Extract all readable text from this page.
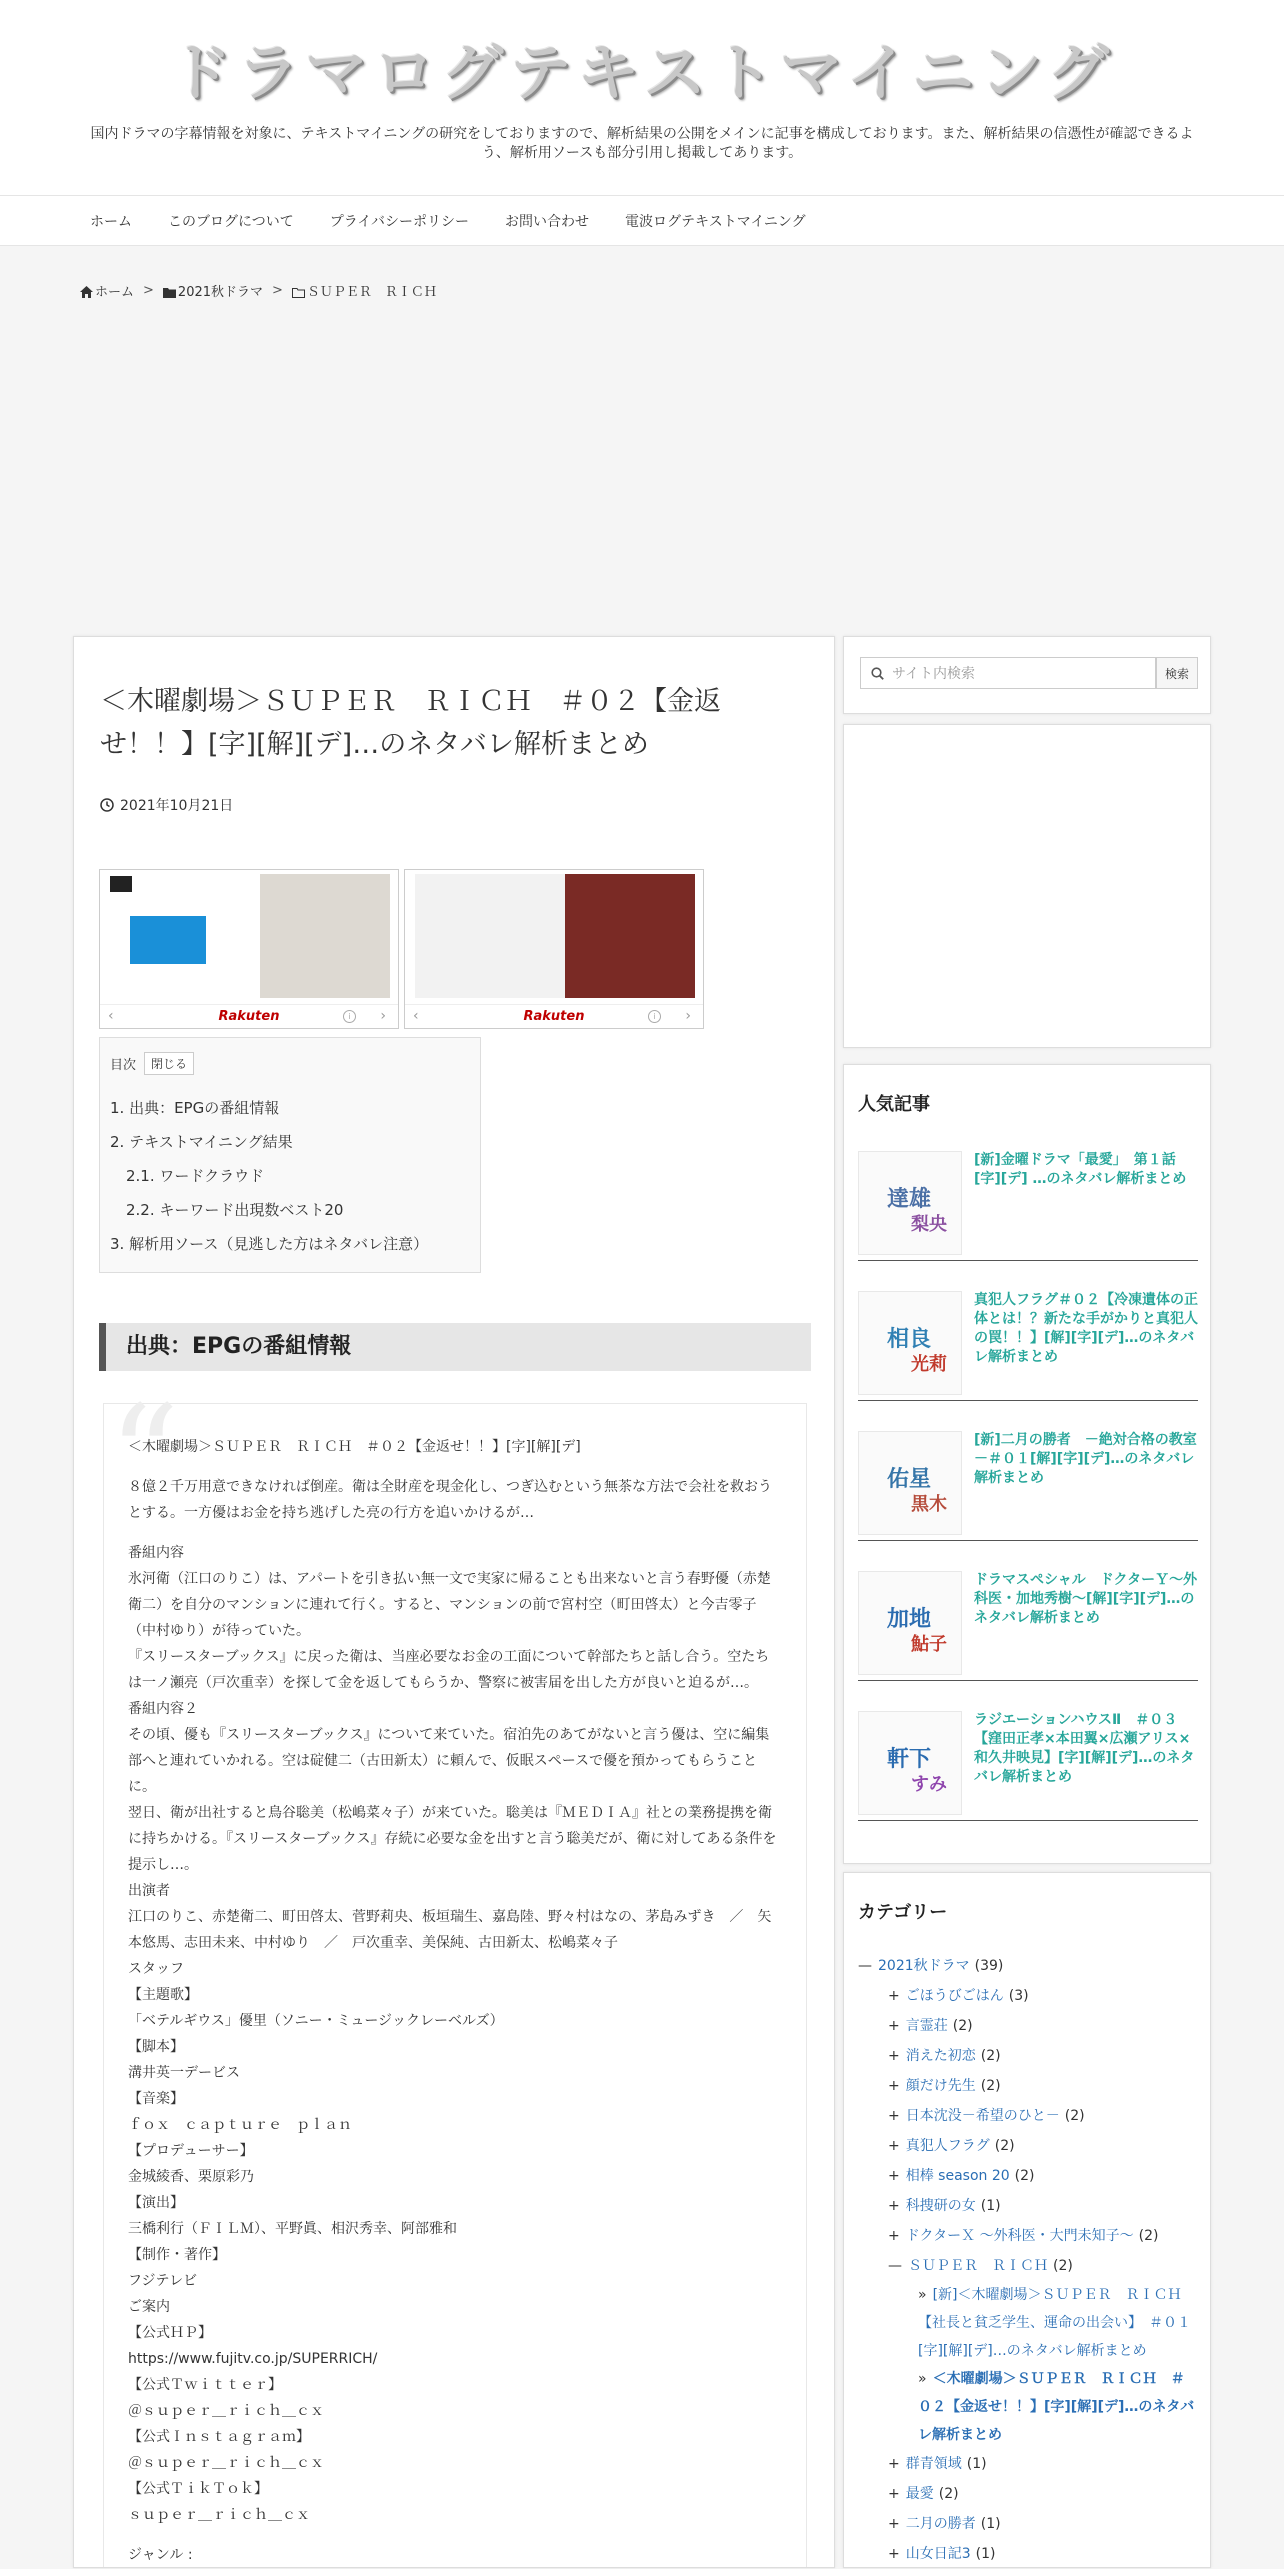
ドラマログテキストマイニング

国内ドラマの字幕情報を対象に、テキストマイニングの研究をしておりますので、解析結果の公開をメインに記事を構成しております。また、解析結果の信憑性が確認できるよう、解析用ソースも部分引用し掲載してあります。

ホーム	このブログについて	プライバシーポリシー	お問い合わせ	電波ログテキストマイニング
ホーム >	2021秋ドラマ >	ＳＵＰＥＲ　ＲＩＣＨ
＜木曜劇場＞ＳＵＰＥＲ　ＲＩＣＨ　＃０２【金返せ！！】[字][解][デ]…のネタバレ解析まとめ
2021年10月21日
‹	i	›
Rakuten	‹	i	›
Rakuten
目次	閉じる
1. 出典：EPGの番組情報
2. テキストマイニング結果
2.1. ワードクラウド
2.2. キーワード出現数ベスト20
3. 解析用ソース（見逃した方はネタバレ注意）
出典：EPGの番組情報
“

＜木曜劇場＞ＳＵＰＥＲ　ＲＩＣＨ　＃０２【金返せ！！】[字][解][デ]

８億２千万用意できなければ倒産。衛は全財産を現金化し、つぎ込むという無茶な方法で会社を救おうとする。一方優はお金を持ち逃げした亮の行方を追いかけるが…

番組内容

氷河衛（江口のりこ）は、アパートを引き払い無一文で実家に帰ることも出来ないと言う春野優（赤楚衛二）を自分のマンションに連れて行く。すると、マンションの前で宮村空（町田啓太）と今吉零子（中村ゆり）が待っていた。

『スリースターブックス』に戻った衛は、当座必要なお金の工面について幹部たちと話し合う。空たちは一ノ瀬亮（戸次重幸）を探して金を返してもらうか、警察に被害届を出した方が良いと迫るが…。

番組内容２

その頃、優も『スリースターブックス』について来ていた。宿泊先のあてがないと言う優は、空に編集部へと連れていかれる。空は碇健二（古田新太）に頼んで、仮眠スペースで優を預かってもらうことに。

翌日、衛が出社すると鳥谷聡美（松嶋菜々子）が来ていた。聡美は『ＭＥＤＩＡ』社との業務提携を衛に持ちかける。『スリースターブックス』存続に必要な金を出すと言う聡美だが、衛に対してある条件を提示し…。

出演者

江口のりこ、赤楚衛二、町田啓太、菅野莉央、板垣瑞生、嘉島陸、野々村はなの、茅島みずき　／　矢本悠馬、志田未来、中村ゆり　／　戸次重幸、美保純、古田新太、松嶋菜々子

スタッフ

【主題歌】

「ベテルギウス」優里（ソニー・ミュージックレーベルズ）

【脚本】

溝井英一デービス

【音楽】

ｆｏｘ　ｃａｐｔｕｒｅ　ｐｌａｎ

【プロデューサー】

金城綾香、栗原彩乃

【演出】

三橋利行（ＦＩＬＭ）、平野眞、相沢秀幸、阿部雅和

【制作・著作】

フジテレビ

ご案内

【公式ＨＰ】

https://www.fujitv.co.jp/SUPERRICH/

【公式Ｔｗｉｔｔｅｒ】

＠ｓｕｐｅｒ＿ｒｉｃｈ＿ｃｘ

【公式Ｉｎｓｔａｇｒａｍ】

＠ｓｕｐｅｒ＿ｒｉｃｈ＿ｃｘ

【公式ＴｉｋＴｏｋ】

ｓｕｐｅｒ＿ｒｉｃｈ＿ｃｘ

ジャンル :

サイト内検索	検索
人気記事
達雄
梨央
[新]金曜ドラマ「最愛」　第１話[字][デ] …のネタバレ解析まとめ
相良
光莉
真犯人フラグ＃０２【冷凍遺体の正体とは！？新たな手がかりと真犯人の罠！！】[解][字][デ]…のネタバレ解析まとめ
佑星
黒木
[新]二月の勝者　－絶対合格の教室－＃０１[解][字][デ]…のネタバレ解析まとめ
加地
鮎子
ドラマスペシャル　ドクターＹ～外科医・加地秀樹～[解][字][デ]…のネタバレ解析まとめ
軒下
すみ
ラジエーションハウスⅡ　＃０３【窪田正孝×本田翼×広瀬アリス×和久井映見】[字][解][デ]…のネタバレ解析まとめ
カテゴリー
— 2021秋ドラマ (39)
+ ごほうびごはん (3)
+ 言霊荘 (2)
+ 消えた初恋 (2)
+ 顔だけ先生 (2)
+ 日本沈没－希望のひと－ (2)
+ 真犯人フラグ (2)
+ 相棒 season 20 (2)
+ 科捜研の女 (1)
+ ドクターＸ ～外科医・大門未知子～ (2)
— ＳＵＰＥＲ　ＲＩＣＨ (2)
» [新]＜木曜劇場＞ＳＵＰＥＲ　ＲＩＣＨ【社長と貧乏学生、運命の出会い】　＃０１[字][解][デ]…のネタバレ解析まとめ
» ＜木曜劇場＞ＳＵＰＥＲ　ＲＩＣＨ　＃０２【金返せ！！】[字][解][デ]…のネタバレ解析まとめ
+ 群青領域 (1)
+ 最愛 (2)
+ 二月の勝者 (1)
+ 山女日記3 (1)
